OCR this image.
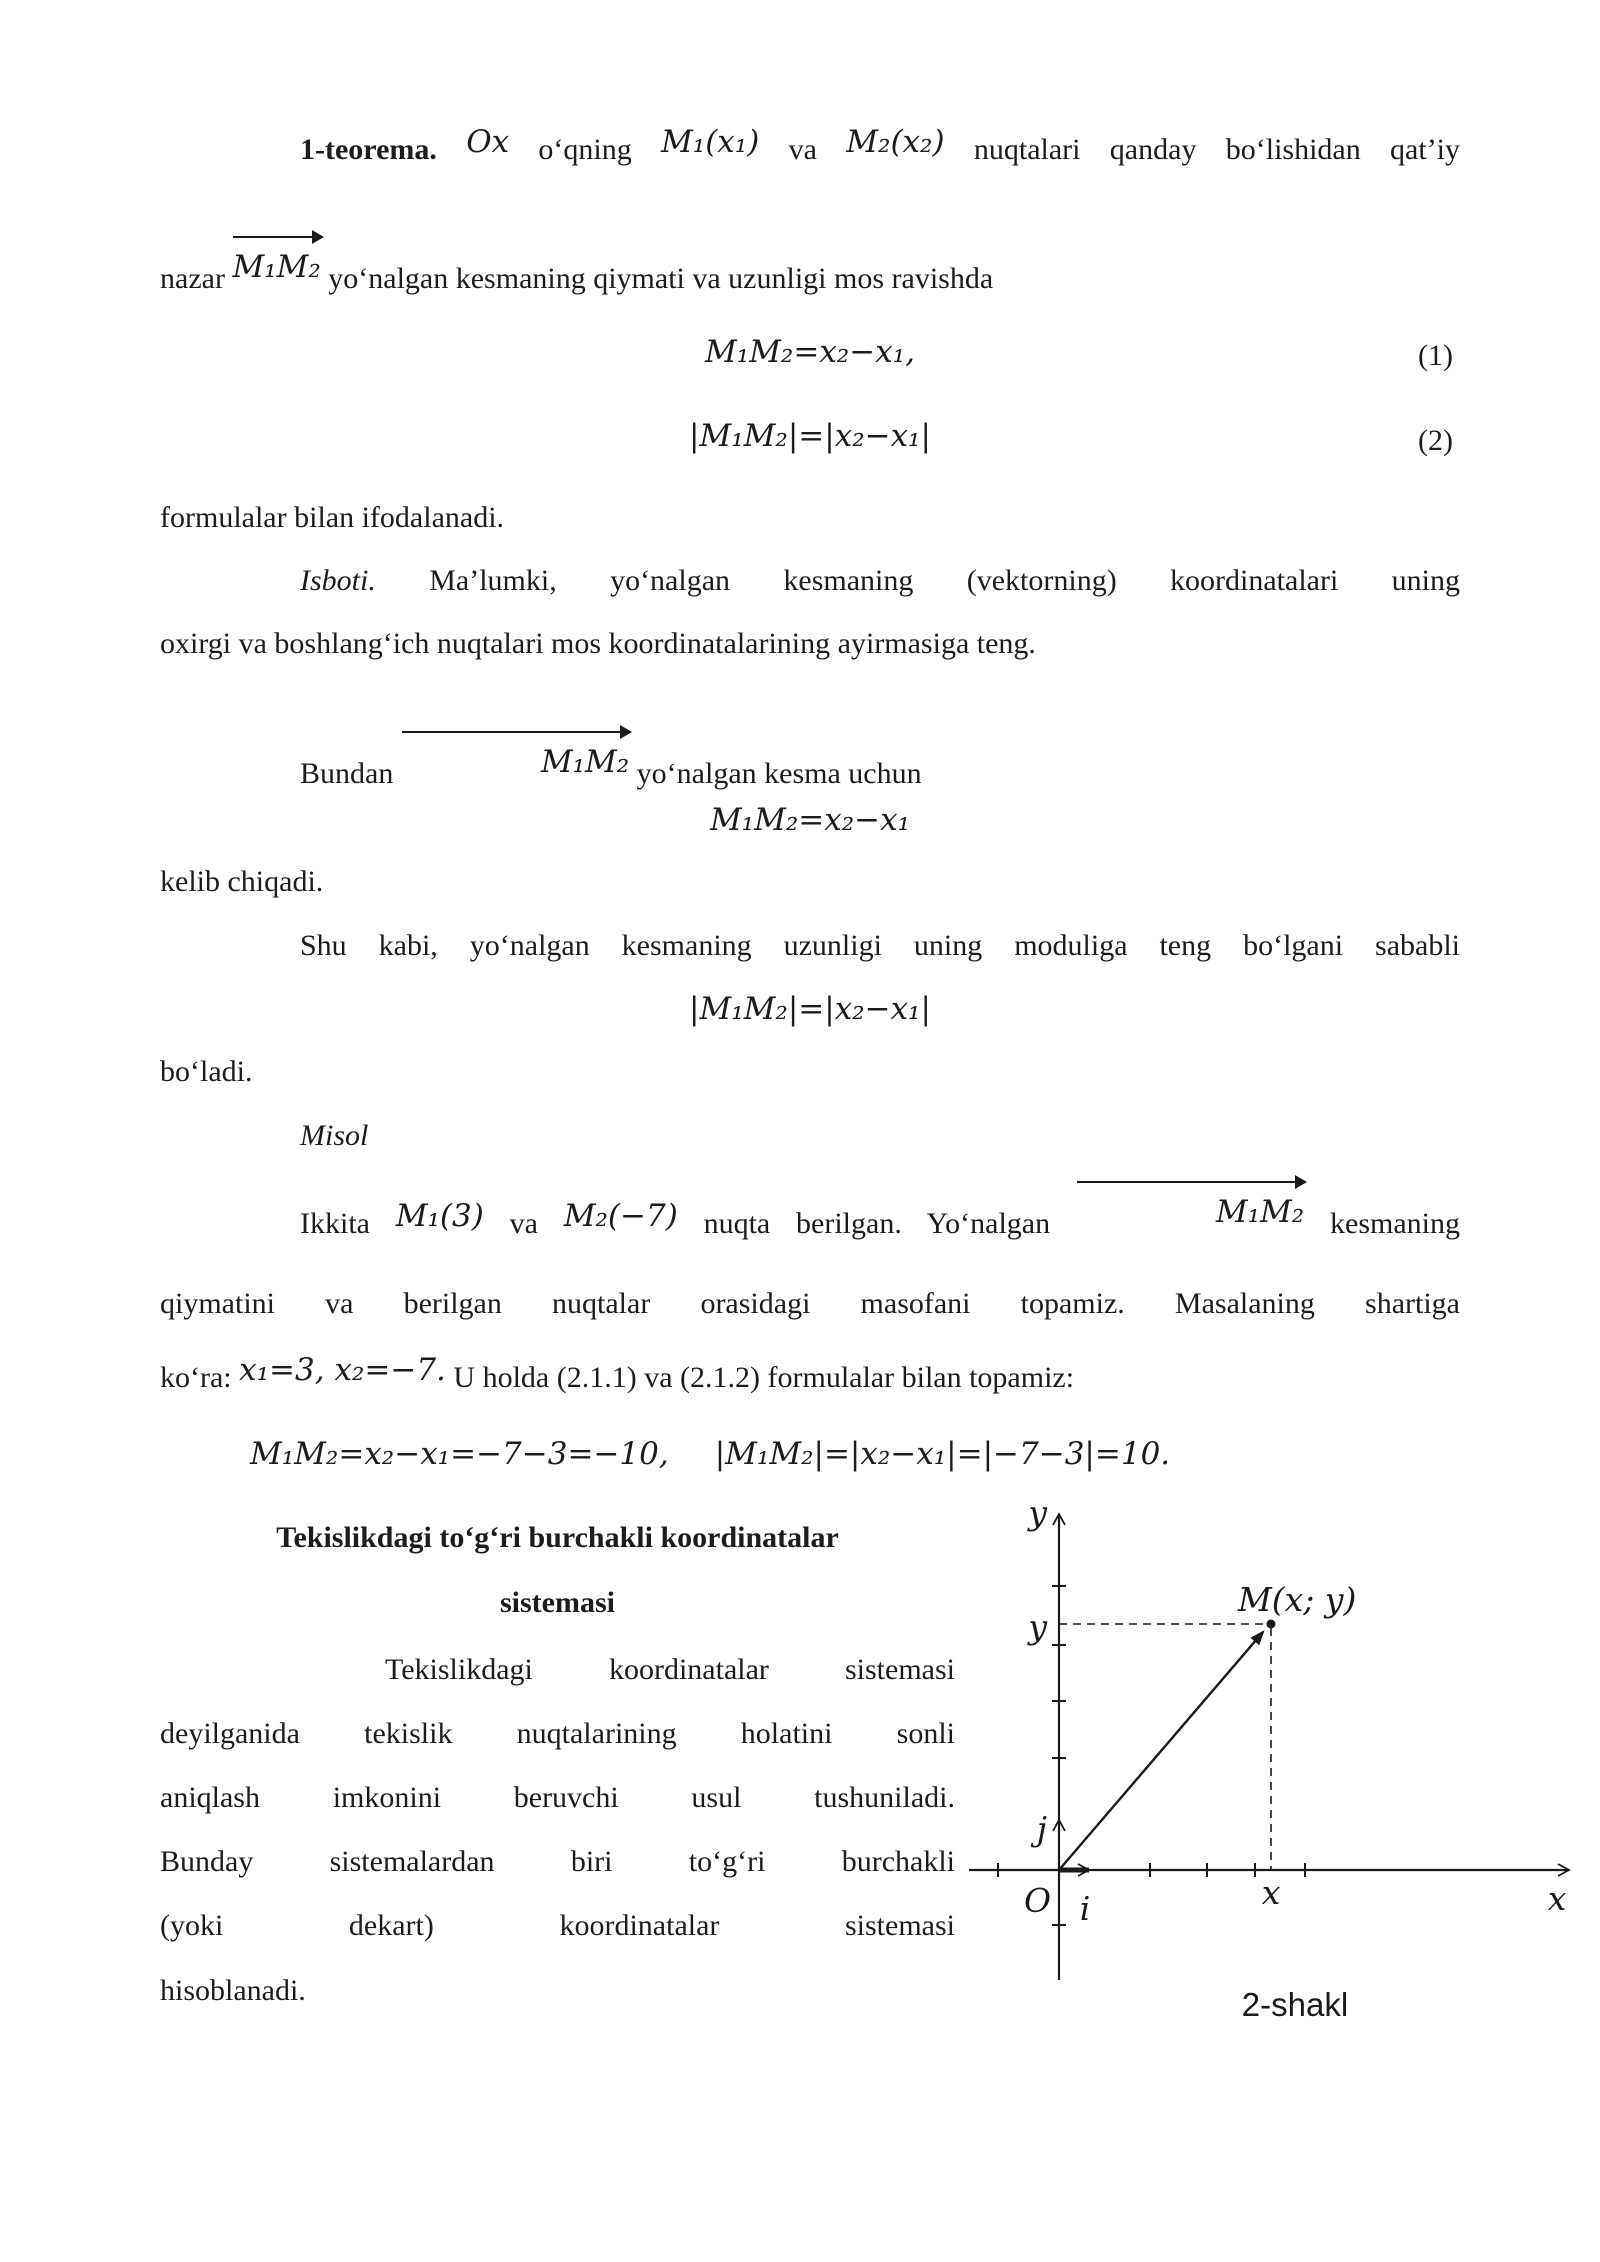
1-teorema. Ox o‘qning M₁(x₁) va M₂(x₂) nuqtalari qanday bo‘lishidan qat’iy
nazar M₁M₂ yo‘nalgan kesmaning qiymati va uzunligi mos ravishda
M₁M₂=x₂−x₁,	(1)
|M₁M₂|=|x₂−x₁|	(2)
formulalar bilan ifodalanadi.
Isboti. Ma’lumki, yo‘nalgan kesmaning (vektorning) koordinatalari uning
oxirgi va boshlang‘ich nuqtalari mos koordinatalarining ayirmasiga teng.
Bundan	M₁M₂ yo‘nalgan kesma uchun
M₁M₂=x₂−x₁
kelib chiqadi.
Shu kabi, yo‘nalgan kesmaning uzunligi uning moduliga teng bo‘lgani sababli
|M₁M₂|=|x₂−x₁|
bo‘ladi.
Misol
Ikkita M₁(3) va M₂(−7) nuqta berilgan. Yo‘nalgan	M₁M₂ kesmaning
qiymatini va berilgan nuqtalar orasidagi masofani topamiz. Masalaning shartiga
ko‘ra: x₁=3, x₂=−7. U holda (2.1.1) va (2.1.2) formulalar bilan topamiz:
M₁M₂=x₂−x₁=−7−3=−10, |M₁M₂|=|x₂−x₁|=|−7−3|=10.
Tekislikdagi to‘g‘ri burchakli koordinatalar
sistemasi
Tekislikdagi koordinatalar sistemasi
deyilganida tekislik nuqtalarining holatini sonli
aniqlash imkonini beruvchi usul tushuniladi.
Bunday sistemalardan biri to‘g‘ri burchakli
(yoki dekart) koordinatalar sistemasi
hisoblanadi.
y
y
M(x; y)
j
O i	x	x
2-shakl
